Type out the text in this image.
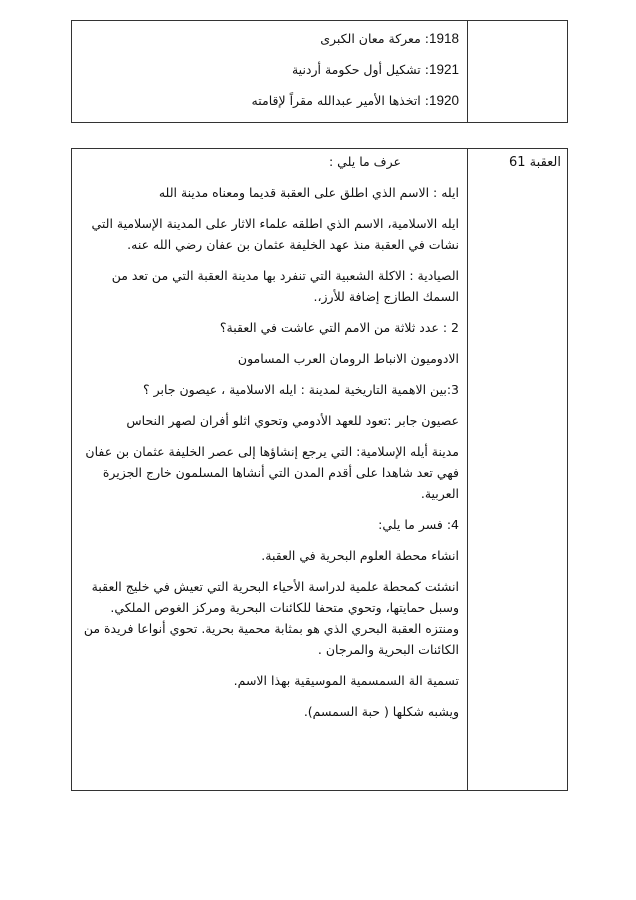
1918: معركة معان الكبرى

1921: تشكيل أول حكومة أردنية

1920: اتخذها الأمير عبدالله مقراً لإقامته

العقبة 61

عرف ما يلي :

ايله : الاسم الذي اطلق على العقبة قديما ومعناه مدينة الله

ايله الاسلامية، الاسم الذي اطلقه علماء الاثار على المدينة الإسلامية التي نشات في العقبة منذ عهد الخليفة عثمان بن عفان رضي الله عنه.

الصيادية : الاكلة الشعبية التي تنفرد بها مدينة العقبة التي من تعد من السمك الطازج إضافة للأرز،.

2 : عدد ثلاثة من الامم التي عاشت في العقبة؟

الادوميون الانباط الرومان العرب المسامون

3:بين الاهمية التاريخية لمدينة : ايله الاسلامية ، عيصون جابر ؟

عصيون جابر :تعود للعهد الأدومي وتحوي اثلو أفران لصهر النحاس

مدينة أيله الإسلامية: التي يرجع إنشاؤها إلى عصر الخليفة عثمان بن عفان فهي تعد شاهدا على أقدم المدن التي أنشاها المسلمون خارج الجزيرة العربية.

4: فسر ما يلي:

انشاء محطة العلوم البحرية في العقبة.

انشئت كمحطة علمية لدراسة الأحياء البحرية التي تعيش في خليج العقبة وسبل حمايتها، وتحوي متحفا للكائنات البحرية ومركز الغوص الملكي. ومنتزه العقبة البحري الذي هو بمثابة محمية بحرية. تحوي أنواعا فريدة من الكائنات البحرية والمرجان .

تسمية الة السمسمية الموسيقية بهذا الاسم.

ويشبه شكلها ( حبة السمسم).
